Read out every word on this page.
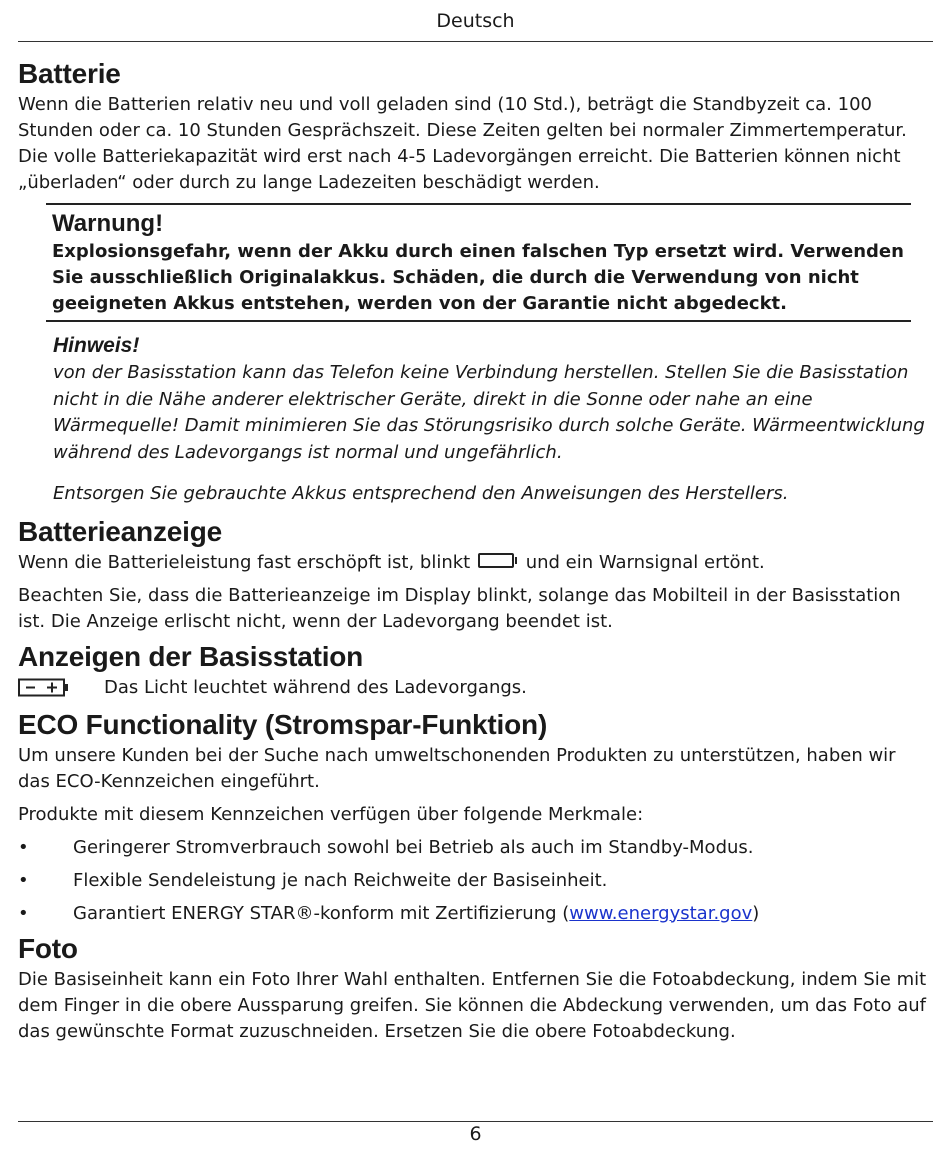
Deutsch
Batterie

Wenn die Batterien relativ neu und voll geladen sind (10 Std.), beträgt die Standbyzeit ca. 100 Stunden oder ca. 10 Stunden Gesprächszeit. Diese Zeiten gelten bei normaler Zimmertemperatur. Die volle Batteriekapazität wird erst nach 4-5 Ladevorgängen erreicht. Die Batterien können nicht „überladen“ oder durch zu lange Ladezeiten beschädigt werden.

Warnung!

Explosionsgefahr, wenn der Akku durch einen falschen Typ ersetzt wird. Verwenden Sie ausschließlich Originalakkus. Schäden, die durch die Verwendung von nicht geeigneten Akkus entstehen, werden von der Garantie nicht abgedeckt.

Hinweis!

von der Basisstation kann das Telefon keine Verbindung herstellen. Stellen Sie die Basisstation nicht in die Nähe anderer elektrischer Geräte, direkt in die Sonne oder nahe an eine Wärmequelle! Damit minimieren Sie das Störungsrisiko durch solche Geräte. Wärmeentwicklung während des Ladevorgangs ist normal und ungefährlich.

Entsorgen Sie gebrauchte Akkus entsprechend den Anweisungen des Herstellers.

Batterieanzeige

Wenn die Batterieleistung fast erschöpft ist, blinkt	und ein Warnsignal ertönt.

Beachten Sie, dass die Batterieanzeige im Display blinkt, solange das Mobilteil in der Basisstation ist. Die Anzeige erlischt nicht, wenn der Ladevorgang beendet ist.

Anzeigen der Basisstation

Das Licht leuchtet während des Ladevorgangs.

ECO Functionality (Stromspar-Funktion)

Um unsere Kunden bei der Suche nach umweltschonenden Produkten zu unterstützen, haben wir das ECO-Kennzeichen eingeführt.

Produkte mit diesem Kennzeichen verfügen über folgende Merkmale:

• Geringerer Stromverbrauch sowohl bei Betrieb als auch im Standby-Modus.
• Flexible Sendeleistung je nach Reichweite der Basiseinheit.
• Garantiert ENERGY STAR®-konform mit Zertifizierung (www.energystar.gov)
Foto

Die Basiseinheit kann ein Foto Ihrer Wahl enthalten. Entfernen Sie die Fotoabdeckung, indem Sie mit dem Finger in die obere Aussparung greifen. Sie können die Abdeckung verwenden, um das Foto auf das gewünschte Format zuzuschneiden. Ersetzen Sie die obere Fotoabdeckung.

6
